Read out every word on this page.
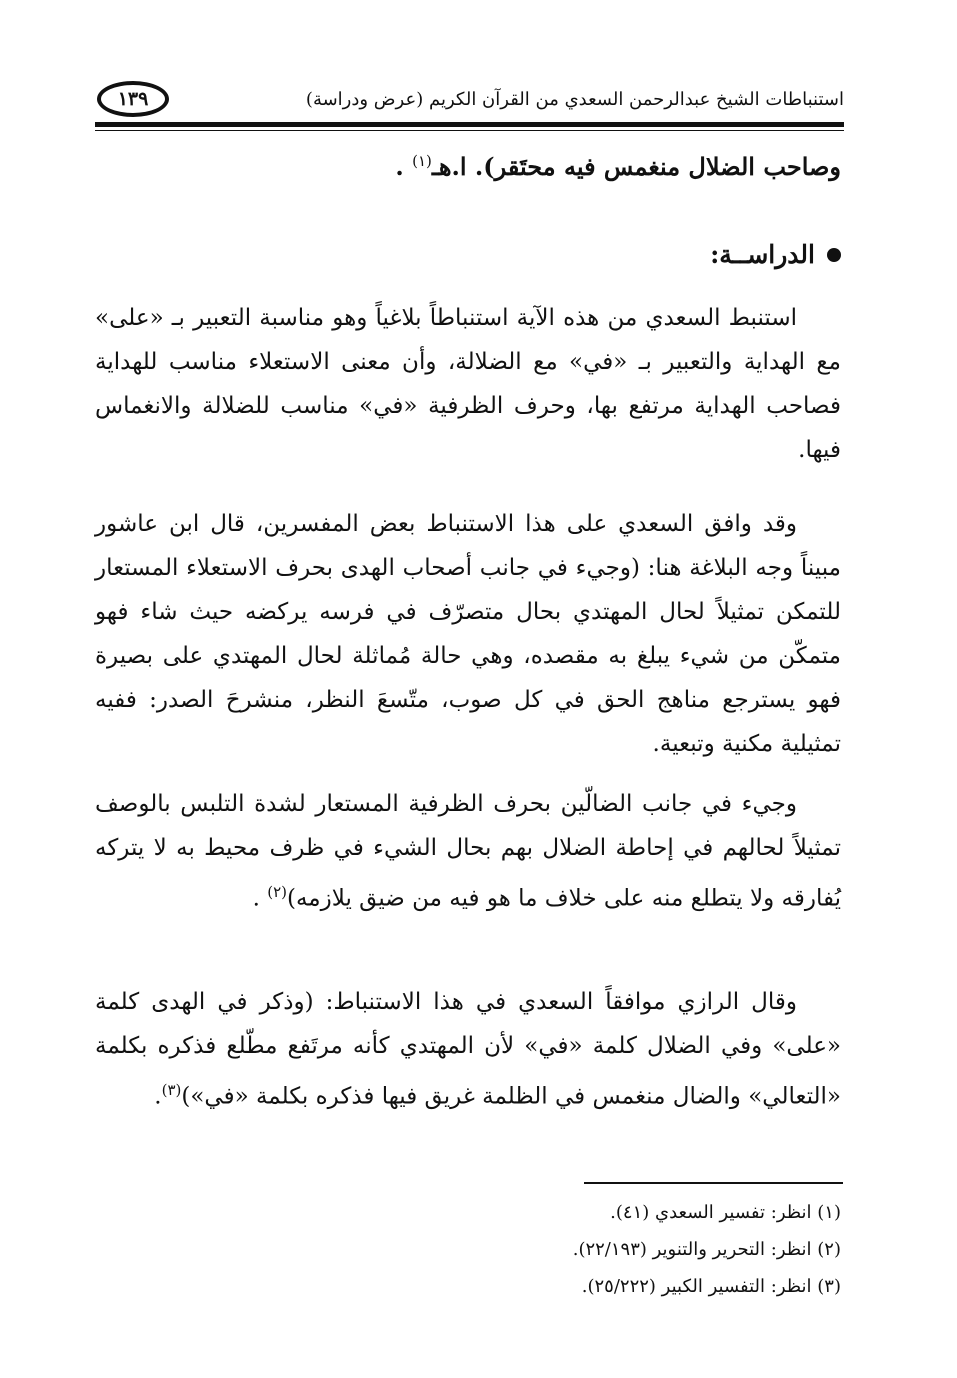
استنباطات الشيخ عبدالرحمن السعدي من القرآن الكريم (عرض ودراسة)
١٣٩
وصاحب الضلال منغمس فيه محتَقر). ا.هـ$^{(١)}$ .
الدراســة:
استنبط السعدي من هذه الآية استنباطاً بلاغياً وهو مناسبة التعبير بـ «على» مع الهداية والتعبير بـ «في» مع الضلالة، وأن معنى الاستعلاء مناسب للهداية فصاحب الهداية مرتفع بها، وحرف الظرفية «في» مناسب للضلالة والانغماس فيها.
وقد وافق السعدي على هذا الاستنباط بعض المفسرين، قال ابن عاشور مبيناً وجه البلاغة هنا: (وجيء في جانب أصحاب الهدى بحرف الاستعلاء المستعار للتمكن تمثيلاً لحال المهتدي بحال متصرّف في فرسه يركضه حيث شاء فهو متمكّن من شيء يبلغ به مقصده، وهي حالة مُماثلة لحال المهتدي على بصيرة فهو يسترجع مناهج الحق في كل صوب، متّسعَ النظر، منشرحَ الصدر: ففيه تمثيلية مكنية وتبعية.
وجيء في جانب الضالّين بحرف الظرفية المستعار لشدة التلبس بالوصف تمثيلاً لحالهم في إحاطة الضلال بهم بحال الشيء في ظرف محيط به لا يتركه يُفارقه ولا يتطلع منه على خلاف ما هو فيه من ضيق يلازمه)$^{(٢)}$ .
وقال الرازي موافقاً السعدي في هذا الاستنباط: (وذكر في الهدى كلمة «على» وفي الضلال كلمة «في» لأن المهتدي كأنه مرتَفع مطّلع فذكره بكلمة «التعالي» والضال منغمس في الظلمة غريق فيها فذكره بكلمة «في»)$^{(٣)}$.
(١) انظر: تفسير السعدي (٤١).
(٢) انظر: التحرير والتنوير (٢٢/١٩٣).
(٣) انظر: التفسير الكبير (٢٥/٢٢٢).
